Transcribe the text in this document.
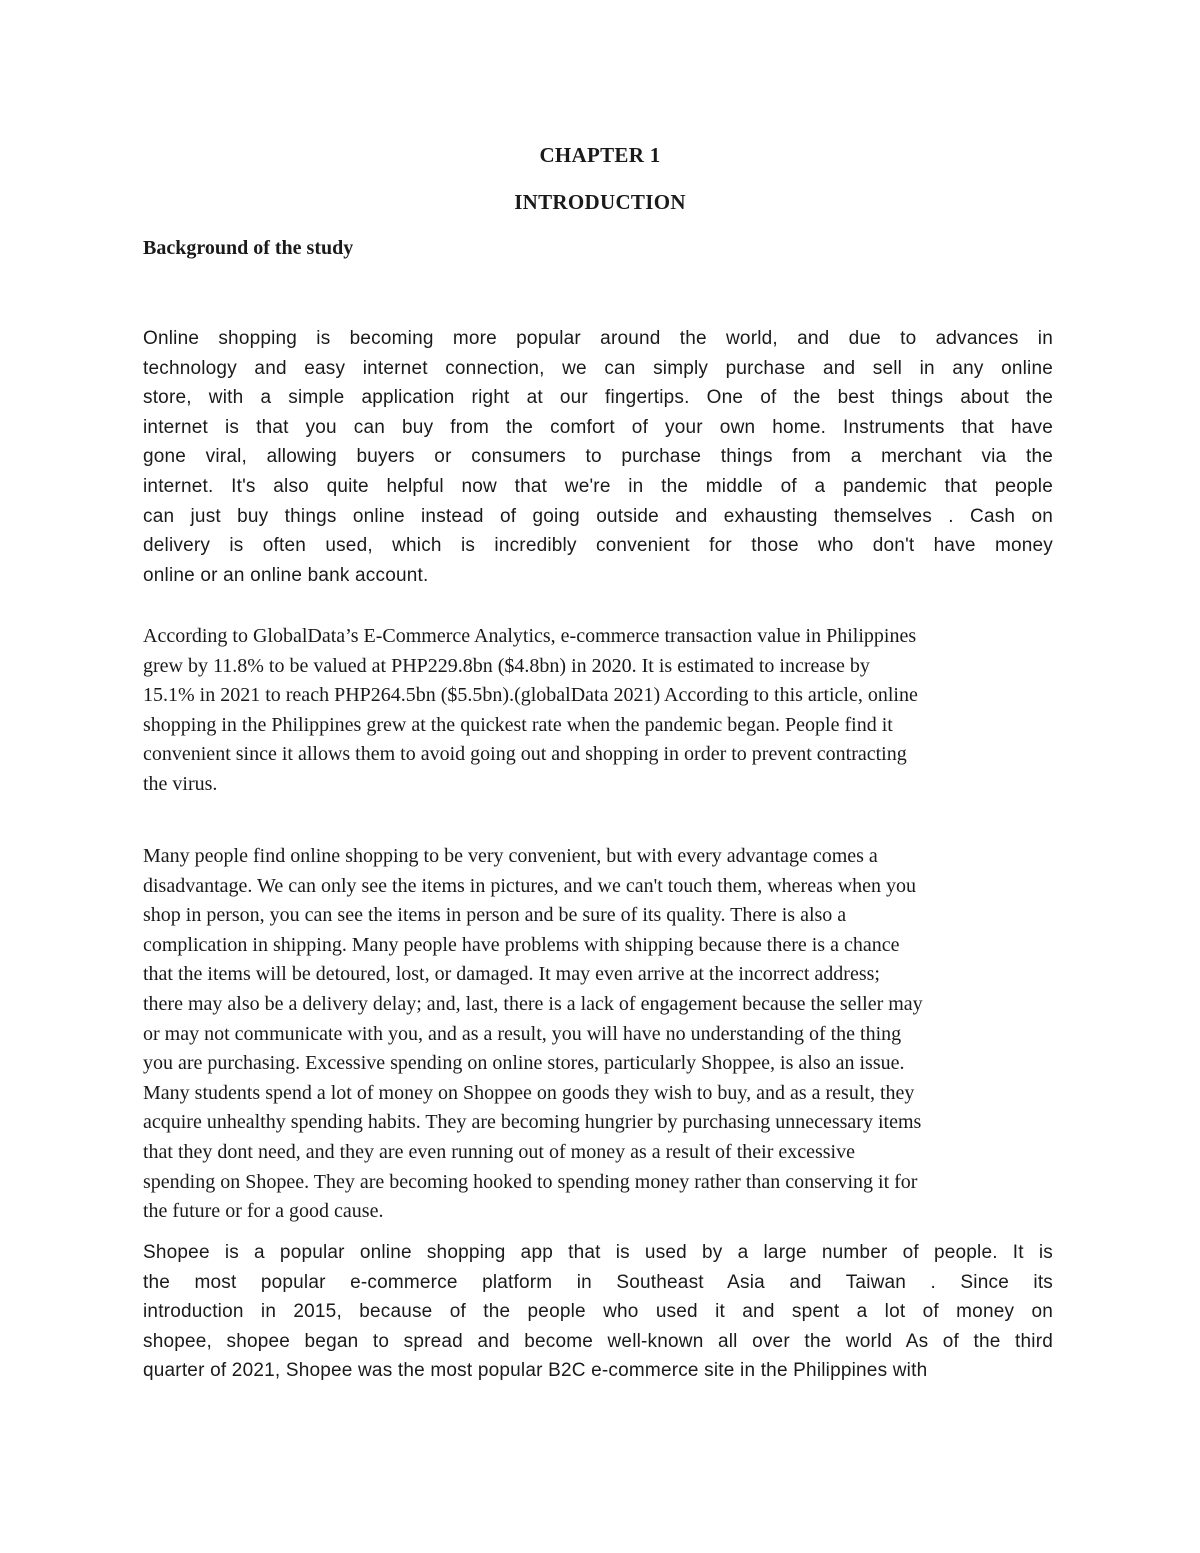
CHAPTER 1
INTRODUCTION
Background of the study

Online shopping is becoming more popular around the world, and due to advances in
technology and easy internet connection, we can simply purchase and sell in any online
store, with a simple application right at our fingertips. One of the best things about the
internet is that you can buy from the comfort of your own home. Instruments that have
gone viral, allowing buyers or consumers to purchase things from a merchant via the
internet. It's also quite helpful now that we're in the middle of a pandemic that people
can just buy things online instead of going outside and exhausting themselves . Cash on
delivery is often used, which is incredibly convenient for those who don't have money
online or an online bank account.

According to GlobalData’s E-Commerce Analytics, e-commerce transaction value in Philippines
grew by 11.8% to be valued at PHP229.8bn ($4.8bn) in 2020. It is estimated to increase by
15.1% in 2021 to reach PHP264.5bn ($5.5bn).(globalData 2021) According to this article, online
shopping in the Philippines grew at the quickest rate when the pandemic began. People find it
convenient since it allows them to avoid going out and shopping in order to prevent contracting
the virus.

Many people find online shopping to be very convenient, but with every advantage comes a
disadvantage. We can only see the items in pictures, and we can't touch them, whereas when you
shop in person, you can see the items in person and be sure of its quality. There is also a
complication in shipping. Many people have problems with shipping because there is a chance
that the items will be detoured, lost, or damaged. It may even arrive at the incorrect address;
there may also be a delivery delay; and, last, there is a lack of engagement because the seller may
or may not communicate with you, and as a result, you will have no understanding of the thing
you are purchasing. Excessive spending on online stores, particularly Shoppee, is also an issue.
Many students spend a lot of money on Shoppee on goods they wish to buy, and as a result, they
acquire unhealthy spending habits. They are becoming hungrier by purchasing unnecessary items
that they dont need, and they are even running out of money as a result of their excessive
spending on Shopee. They are becoming hooked to spending money rather than conserving it for
the future or for a good cause.

Shopee is a popular online shopping app that is used by a large number of people. It is
the most popular e-commerce platform in Southeast Asia and Taiwan . Since its
introduction in 2015, because of the people who used it and spent a lot of money on
shopee, shopee began to spread and become well-known all over the world As of the third
quarter of 2021, Shopee was the most popular B2C e-commerce site in the Philippines with
